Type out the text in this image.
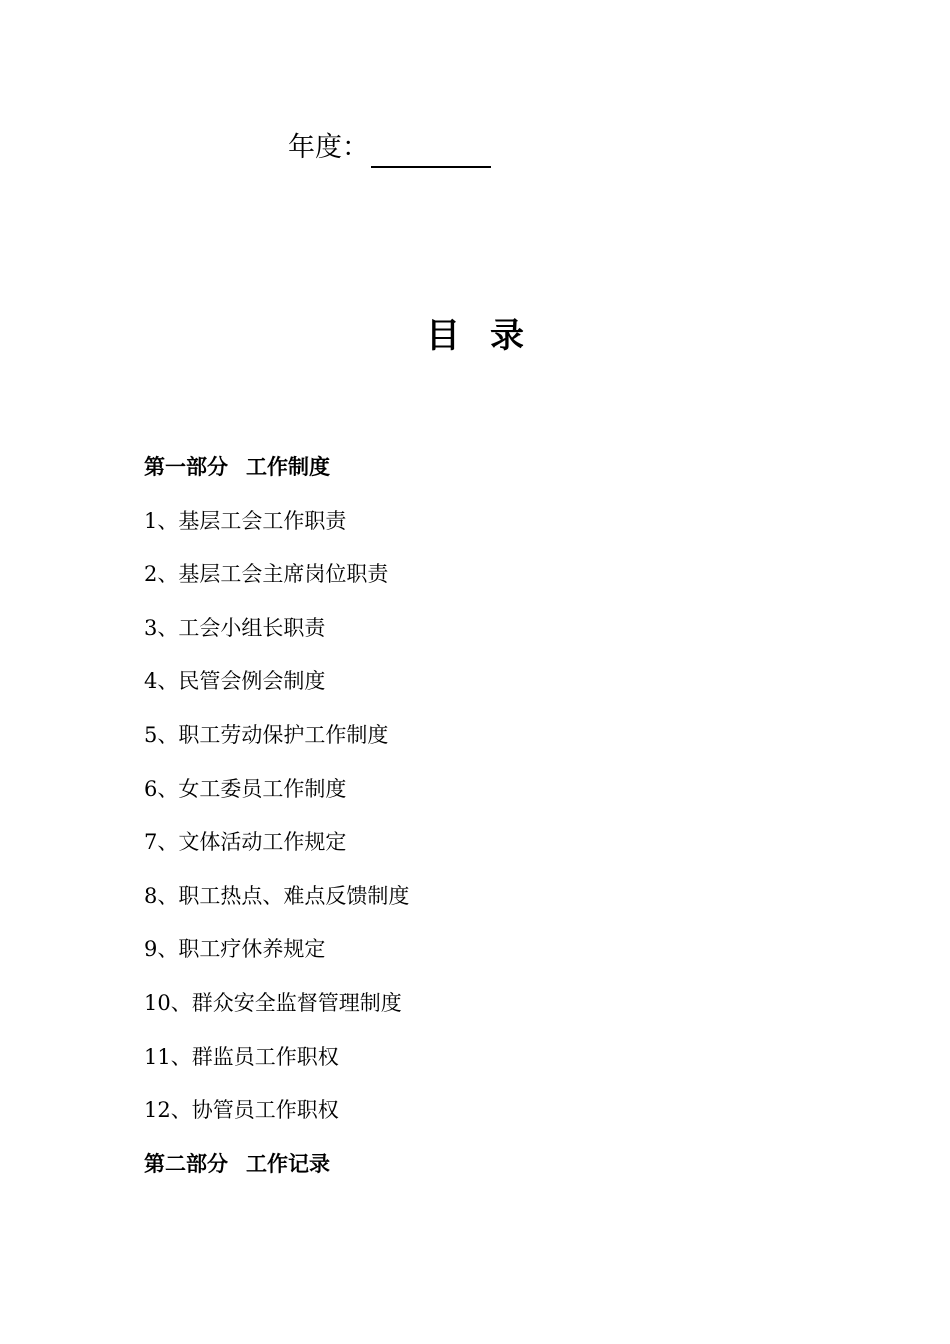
年度：
目录
第一部分 工作制度
1、基层工会工作职责
2、基层工会主席岗位职责
3、工会小组长职责
4、民管会例会制度
5、职工劳动保护工作制度
6、女工委员工作制度
7、文体活动工作规定
8、职工热点、难点反馈制度
9、职工疗休养规定
10、群众安全监督管理制度
11、群监员工作职权
12、协管员工作职权
第二部分 工作记录
